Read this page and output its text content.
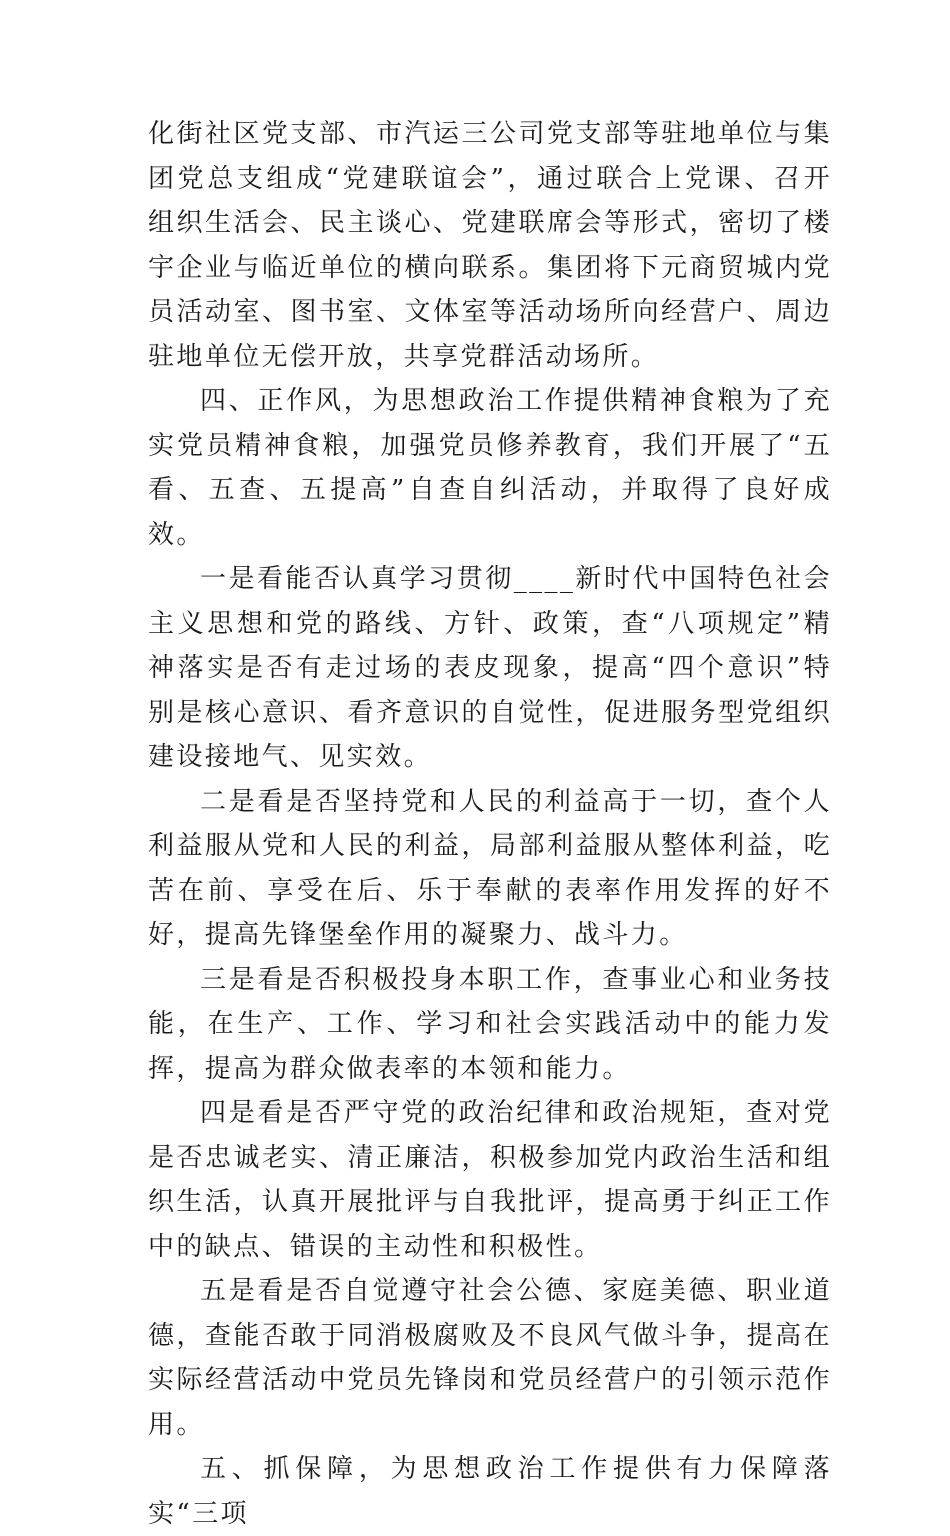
化街社区党支部、市汽运三公司党支部等驻地单位与集团党总支组成“党建联谊会”，通过联合上党课、召开组织生活会、民主谈心、党建联席会等形式，密切了楼宇企业与临近单位的横向联系。集团将下元商贸城内党员活动室、图书室、文体室等活动场所向经营户、周边驻地单位无偿开放，共享党群活动场所。

四、正作风，为思想政治工作提供精神食粮为了充实党员精神食粮，加强党员修养教育，我们开展了“五看、五查、五提高”自查自纠活动，并取得了良好成效。

一是看能否认真学习贯彻____新时代中国特色社会主义思想和党的路线、方针、政策，查“八项规定”精神落实是否有走过场的表皮现象，提高“四个意识”特别是核心意识、看齐意识的自觉性，促进服务型党组织建设接地气、见实效。

二是看是否坚持党和人民的利益高于一切，查个人利益服从党和人民的利益，局部利益服从整体利益，吃苦在前、享受在后、乐于奉献的表率作用发挥的好不好，提高先锋堡垒作用的凝聚力、战斗力。

三是看是否积极投身本职工作，查事业心和业务技能，在生产、工作、学习和社会实践活动中的能力发挥，提高为群众做表率的本领和能力。

四是看是否严守党的政治纪律和政治规矩，查对党是否忠诚老实、清正廉洁，积极参加党内政治生活和组织生活，认真开展批评与自我批评，提高勇于纠正工作中的缺点、错误的主动性和积极性。

五是看是否自觉遵守社会公德、家庭美德、职业道德，查能否敢于同消极腐败及不良风气做斗争，提高在实际经营活动中党员先锋岗和党员经营户的引领示范作用。

五、抓保障，为思想政治工作提供有力保障落实“三项
